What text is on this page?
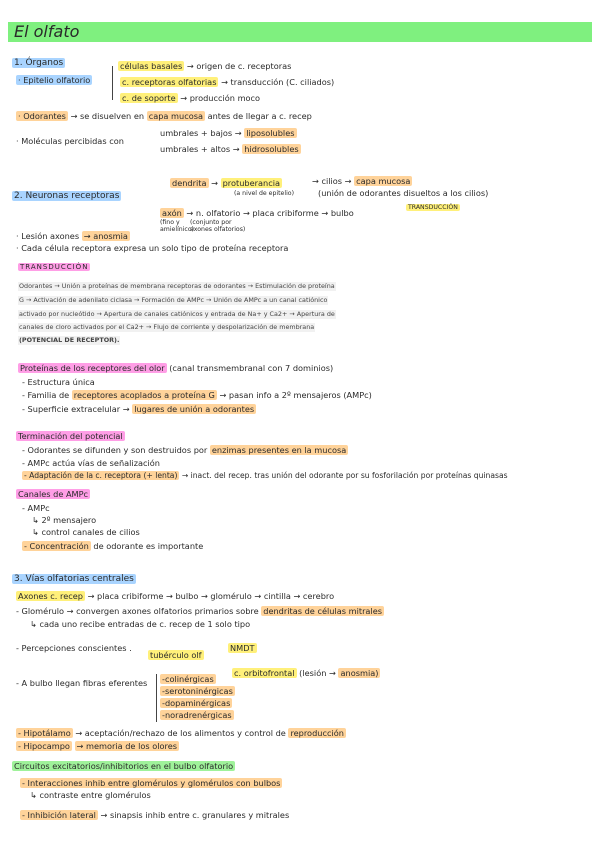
El olfato
1. Órganos
· Epitelio olfatorio
células basales → origen de c. receptoras
c. receptoras olfatorias → transducción (C. ciliados)
c. de soporte → producción moco
· Odorantes → se disuelven en capa mucosa antes de llegar a c. recep
· Moléculas percibidas con
umbrales + bajos → liposolubles
umbrales + altos → hidrosolubles
2. Neuronas receptoras
dendrita → protuberancia
(a nivel de epitelio)
→ cilios → capa mucosa
(unión de odorantes disueltos a los cilios)
TRANSDUCCIÓN
axón → n. olfatorio → placa cribiforme → bulbo
(fino y
amielínico)
(conjunto por
axones olfatorios)
· Lesión axones → anosmia
· Cada célula receptora expresa un solo tipo de proteína receptora
TRANSDUCCIÓN
Odorantes → Unión a proteínas de membrana receptoras de odorantes → Estimulación de proteína
G → Activación de adenilato ciclasa → Formación de AMPc → Unión de AMPc a un canal catiónico
activado por nucleótido → Apertura de canales catiónicos y entrada de Na+ y Ca2+ → Apertura de
canales de cloro activados por el Ca2+ → Flujo de corriente y despolarización de membrana
(POTENCIAL DE RECEPTOR).
Proteínas de los receptores del olor (canal transmembranal con 7 dominios)
- Estructura única
- Familia de receptores acoplados a proteína G → pasan info a 2º mensajeros (AMPc)
- Superficie extracelular → lugares de unión a odorantes
Terminación del potencial
- Odorantes se difunden y son destruidos por enzimas presentes en la mucosa
- AMPc actúa vías de señalización
- Adaptación de la c. receptora (+ lenta) → inact. del recep. tras unión del odorante por su fosforilación por proteínas quinasas
Canales de AMPc
- AMPc
↳ 2º mensajero
↳ control canales de cilios
- Concentración de odorante es importante
3. Vías olfatorias centrales
Axones c. recep → placa cribiforme → bulbo → glomérulo → cintilla → cerebro
- Glomérulo → convergen axones olfatorios primarios sobre dendritas de células mitrales
↳ cada uno recibe entradas de c. recep de 1 solo tipo
- Percepciones conscientes .
tubérculo olf
NMDT
c. orbitofrontal (lesión → anosmia)
- A bulbo llegan fibras eferentes -colinérgicas
-serotoninérgicas
-dopaminérgicas
-noradrenérgicas
- Hipotálamo → aceptación/rechazo de los alimentos y control de reproducción
- Hipocampo → memoria de los olores
Circuitos excitatorios/inhibitorios en el bulbo olfatorio
- Interacciones inhib entre glomérulos y glomérulos con bulbos
↳ contraste entre glomérulos
- Inhibición lateral → sinapsis inhib entre c. granulares y mitrales
